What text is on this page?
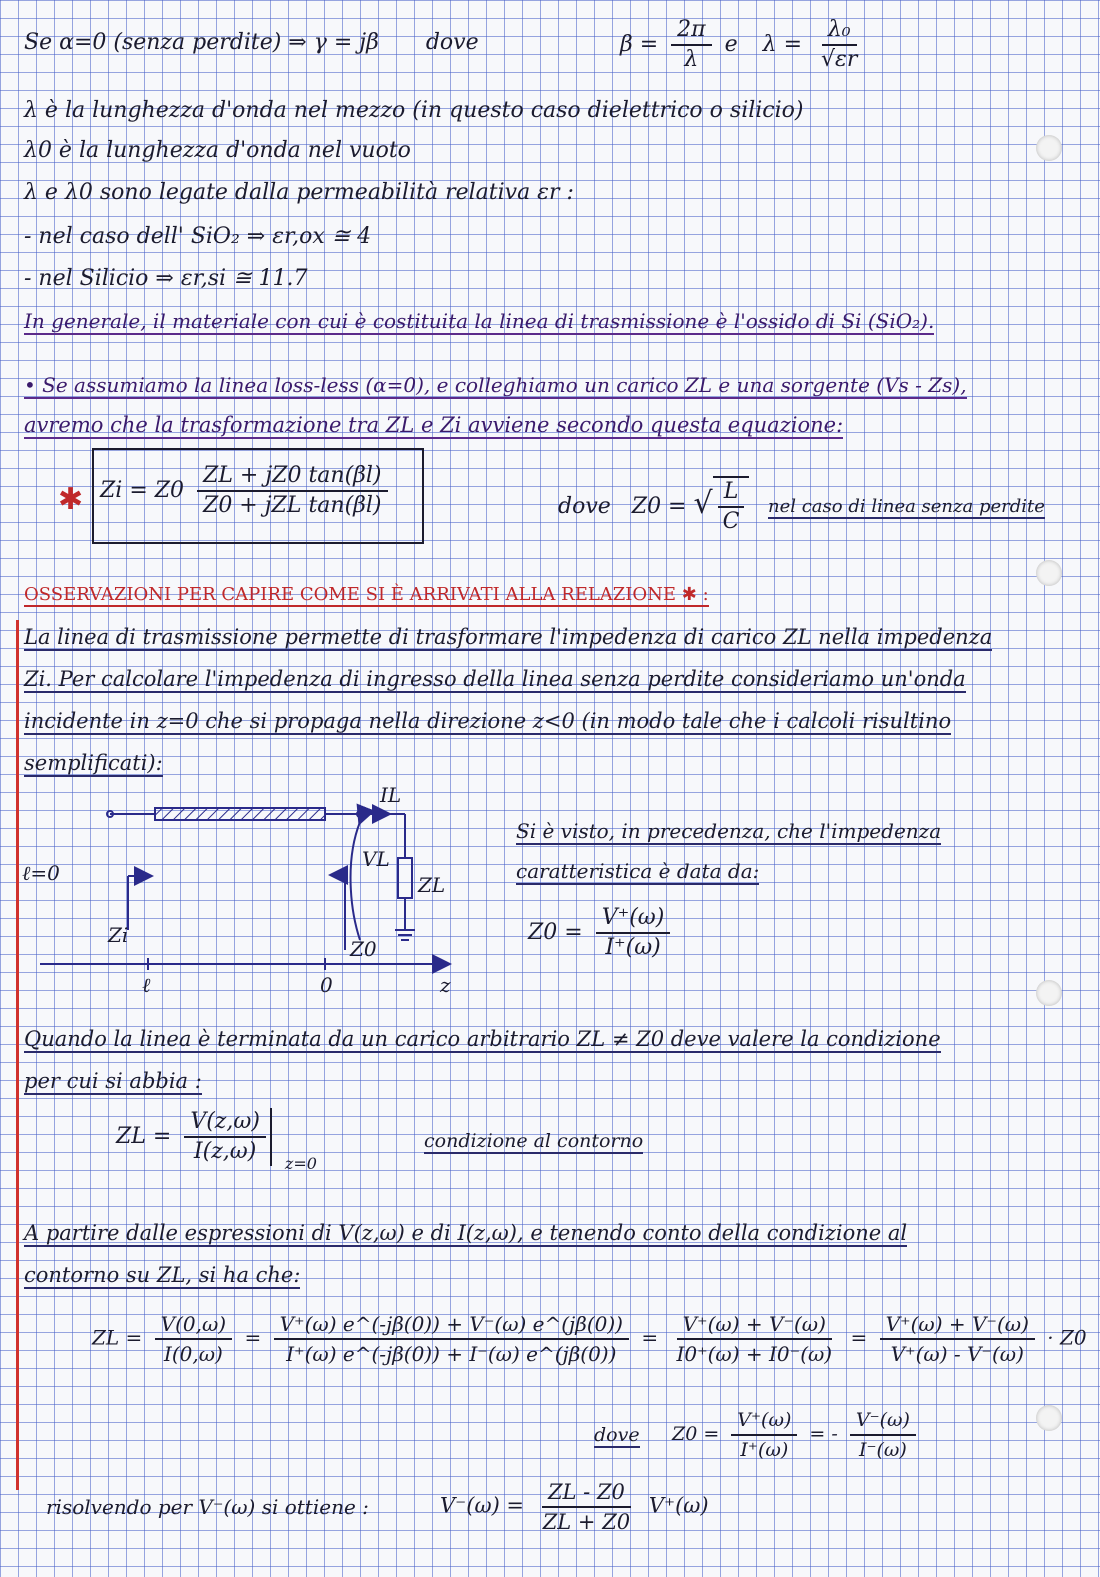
Se α=0 (senza perdite) ⇒ γ = jβ dove	$\beta = \frac{2\pi}{\lambda}$ e $\lambda = \frac{\text{λ₀}}{√\varepsilon r}$
λ è la lunghezza d'onda nel mezzo (in questo caso dielettrico o silicio)
λ0 è la lunghezza d'onda nel vuoto
λ e λ0 sono legate dalla permeabilità relativa εr :
- nel caso dell' SiO₂ ⇒ εr,ox ≅ 4
- nel Silicio ⇒ εr,si ≅ 11.7
In generale, il materiale con cui è costituita la linea di trasmissione è l'ossido di Si (SiO₂).
• Se assumiamo la linea loss-less (α=0), e colleghiamo un carico ZL e una sorgente (Vs - Zs),
avremo che la trasformazione tra ZL e Zi avviene secondo questa equazione:
✱ $Zi = Z0 \frac{ZL + jZ0 \tan(\beta l)}{\text{Z0 + jZL tan(βl)}}$	dove Z0 = √ $\frac{L}{C}$ nel caso di linea senza perdite
OSSERVAZIONI PER CAPIRE COME SI È ARRIVATI ALLA RELAZIONE ✱ :
La linea di trasmissione permette di trasformare l'impedenza di carico ZL nella impedenza
Zi. Per calcolare l'impedenza di ingresso della linea senza perdite consideriamo un'onda
incidente in z=0 che si propaga nella direzione z<0 (in modo tale che i calcoli risultino
semplificati):
IL
VL
ZL
Zi
Z0
ℓ=0
ℓ	0	z
Si è visto, in precedenza, che l'impedenza
caratteristica è data da:
$Z0 = \frac{V^+(\omega)}{I^+(\omega)}$
Quando la linea è terminata da un carico arbitrario ZL ≠ Z0 deve valere la condizione
per cui si abbia :
ZL = $\frac{V(z,\omega)}{I(z,\omega)} _{z=0}$
condizione al contorno
A partire dalle espressioni di V(z,ω) e di I(z,ω), e tenendo conto della condizione al
contorno su ZL, si ha che:
ZL = $\frac{V(0,\omega)}{I(0,\omega)} = \frac{V^+(\omega) e\^{}(-j\beta(0)) + V^-(\omega) e\^{}(j\beta(0))}{I^+(\omega) e\^{}(-j\beta(0)) + I^-(\omega) e\^{}(j\beta(0))} = \frac{V^+(\omega) + V^-(\omega)}{I0^+(\omega) + I0^-(\omega)} = \frac{V^+(\omega) + V^-(\omega)}{V^+(\omega) - V^-(\omega)} \cdot Z0$
dove $Z0 = \frac{V^+(\omega)}{I^+(\omega)}$ = - $\frac{V^-(\omega)}{I^-(\omega)}$
risolvendo per V⁻(ω) si ottiene :	$V^-(\omega) = \frac{ZL - Z0}{ZL + Z0} V^+(\omega)$
